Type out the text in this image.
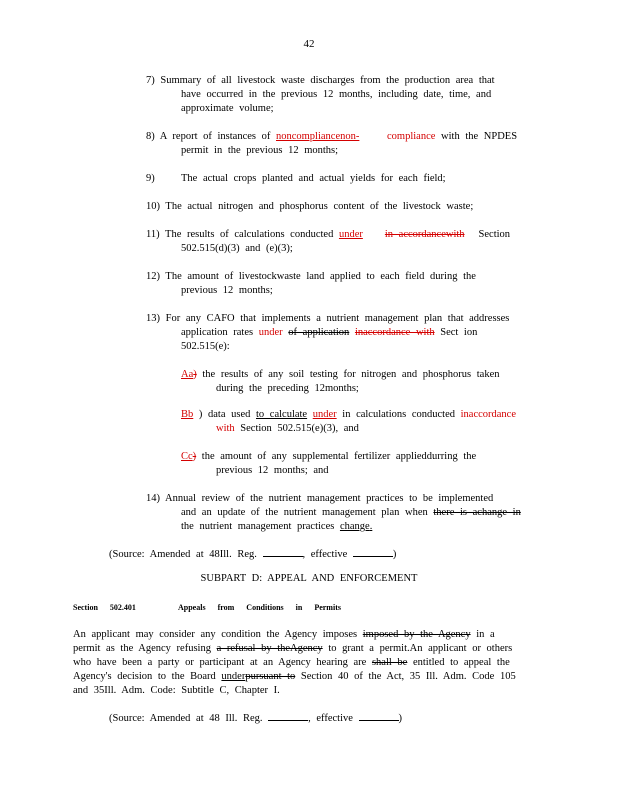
42
7) Summary of all livestock waste discharges from the production area that
have occurred in the previous 12 months, including date, time, and
approximate volume;
8) A report of instances of noncompliancenon-	compliance with the NPDES
permit in the previous 12 months;
9)	The actual crops planted and actual yields for each field;
10) The actual nitrogen and phosphorus content of the livestock waste;
11) The results of calculations conducted under in accordancewith Section
502.515(d)(3) and (e)(3);
12) The amount of livestockwaste land applied to each field during the
previous 12 months;
13) For any CAFO that implements a nutrient management plan that addresses
application rates under of application inaccordance with Sect ion
502.515(e):
Aa) the results of any soil testing for nitrogen and phosphorus taken
during the preceding 12months;
Bb ) data used to calculate under in calculations conducted inaccordance
with Section 502.515(e)(3), and
Cc) the amount of any supplemental fertilizer applieddurring the
previous 12 months; and
14) Annual review of the nutrient management practices to be implemented
and an update of the nutrient management plan when there is achange in
the nutrient management practices change.
(Source: Amended at 48Ill. Reg.	, effective	)
SUBPART D: APPEAL AND ENFORCEMENT
Section 502.401	Appeals from Conditions in Permits
An applicant may consider any condition the Agency imposes imposed by the Agency in a
permit as the Agency refusing a refusal by theAgency to grant a permit.An applicant or others
who have been a party or participant at an Agency hearing are shall be entitled to appeal the
Agency's decision to the Board underpursuant to Section 40 of the Act, 35 Ill. Adm. Code 105
and 35Ill. Adm. Code: Subtitle C, Chapter I.
(Source: Amended at 48 Ill. Reg.	, effective	)
